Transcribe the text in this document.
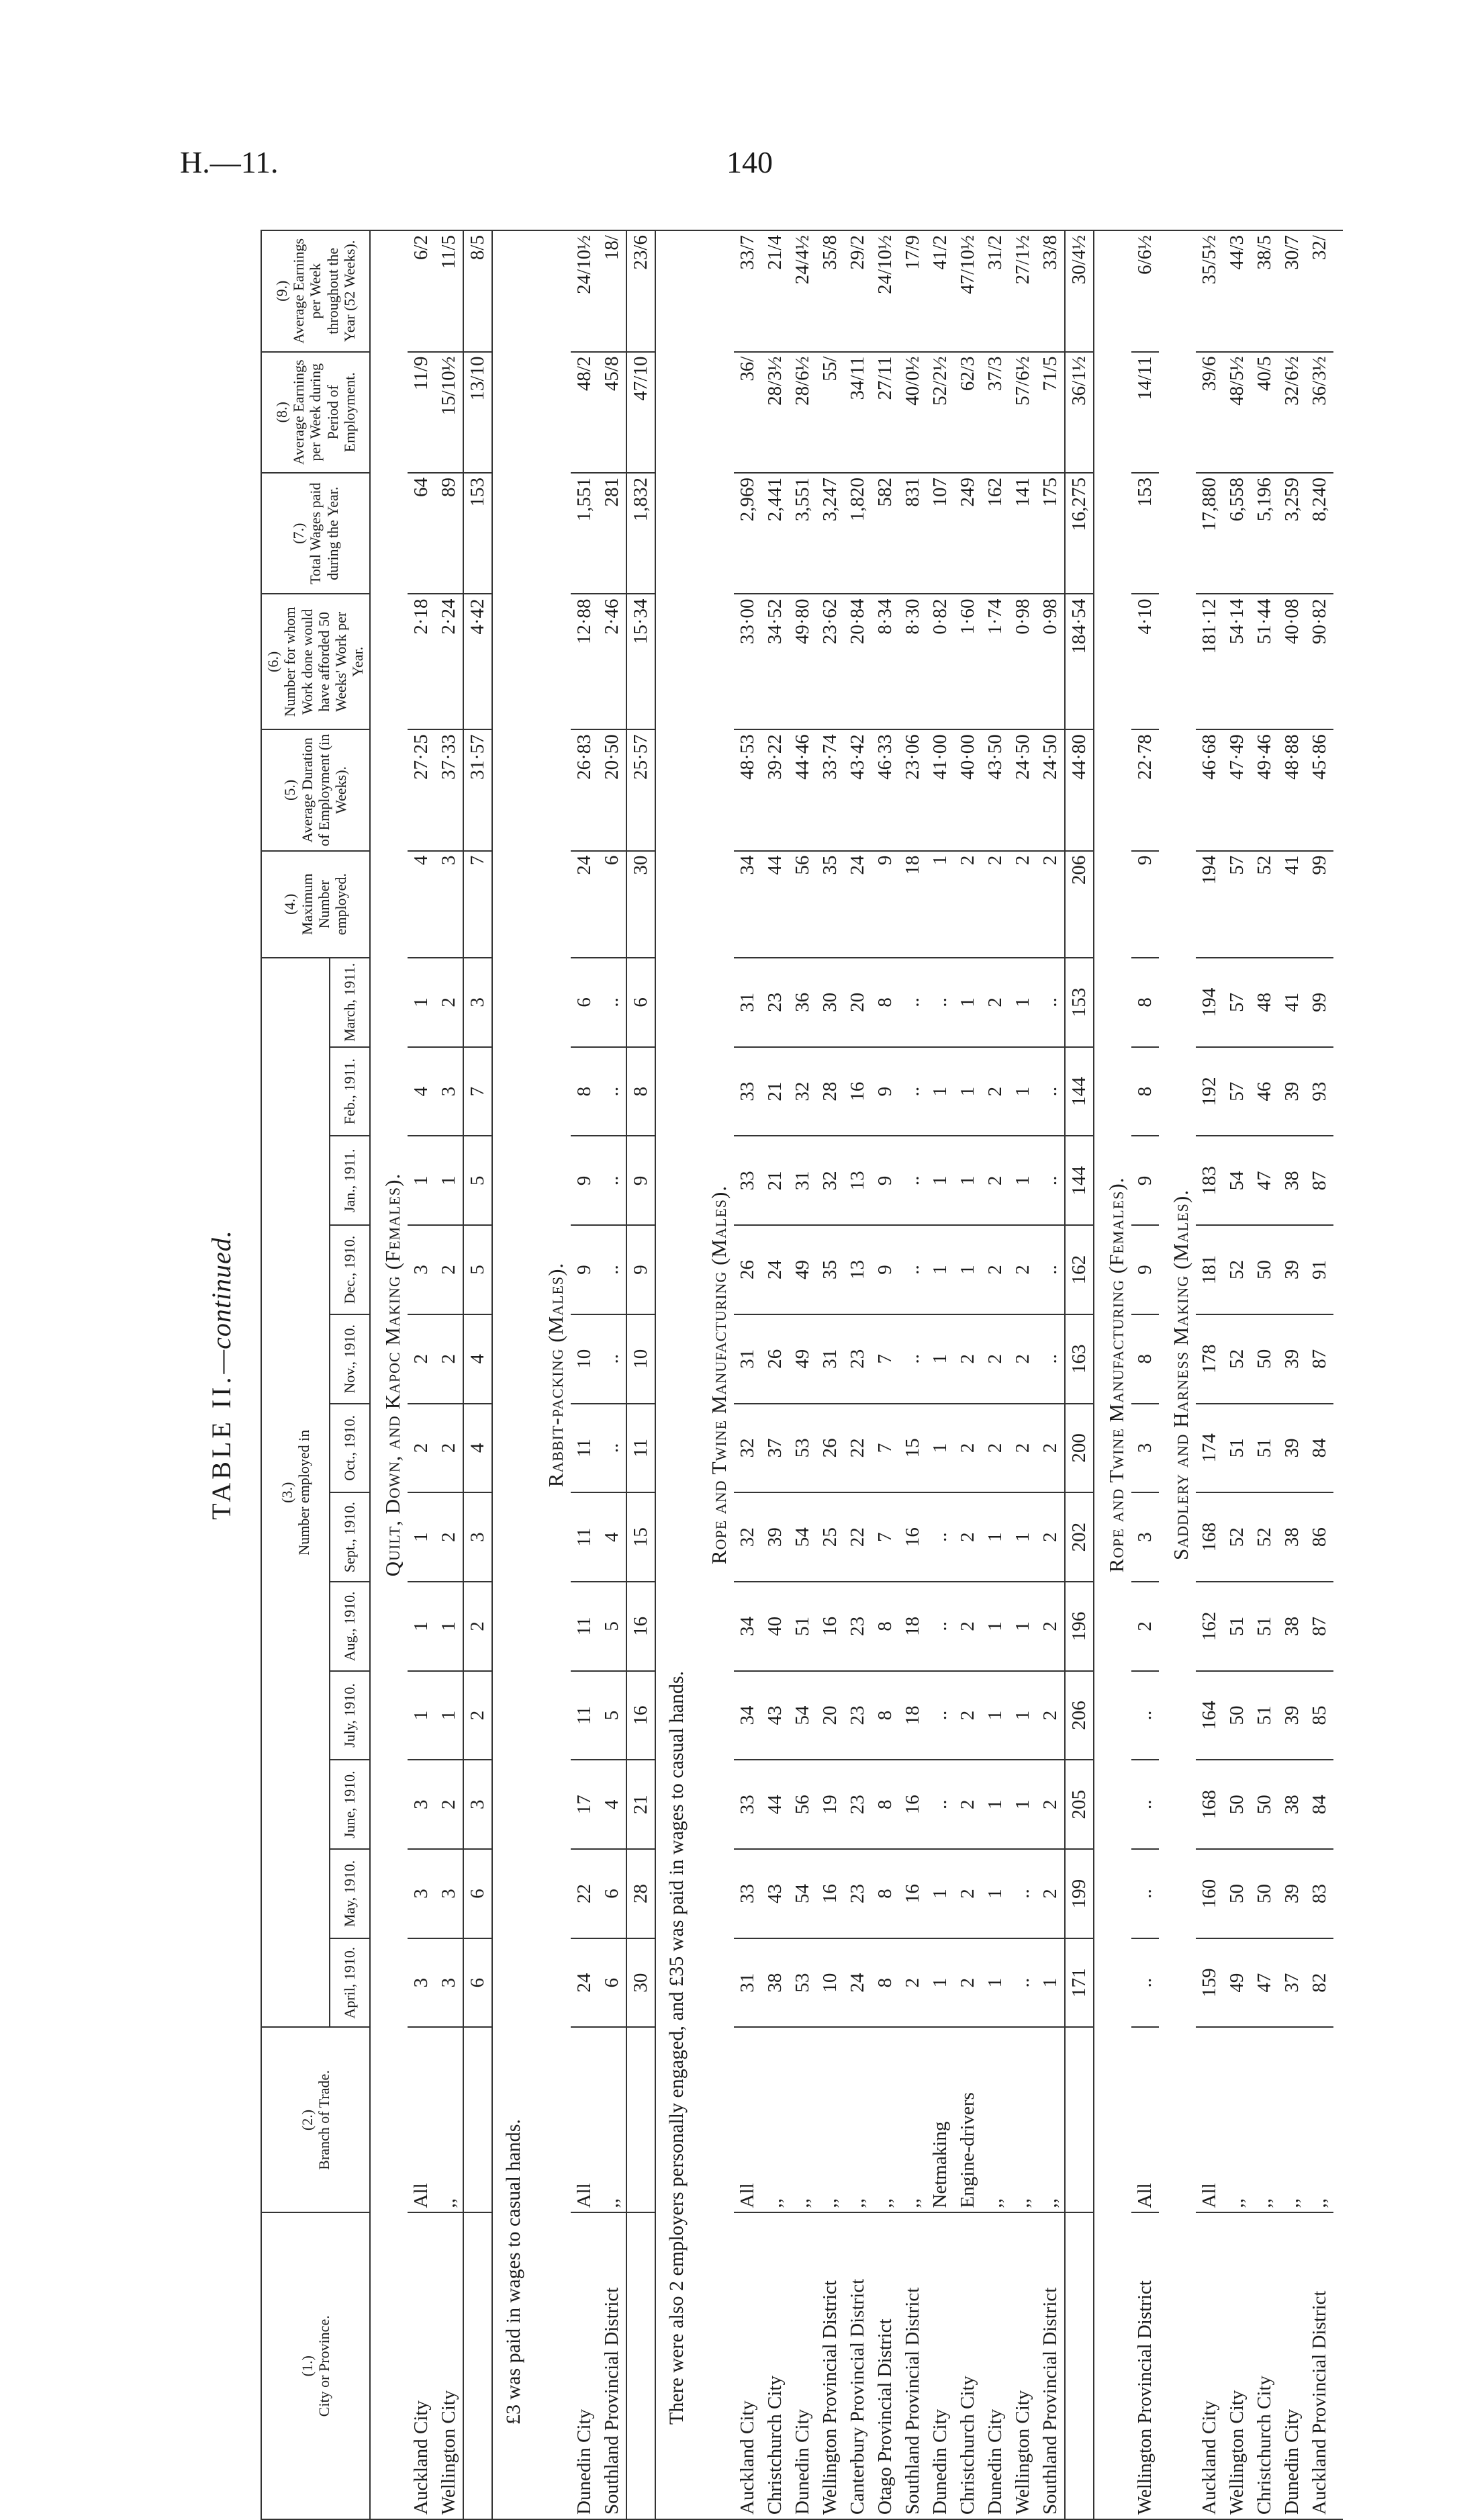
H.—11.	140
TABLE II.—continued.
(1.) City or Province.	(2.) Branch of Trade.	(3.) Number employed in												(4.) Maximum Number employed.	(5.) Average Duration of Employment (in Weeks).	(6.) Number for whom Work done would have afforded 50 Weeks' Work per Year.	(7.) Total Wages paid during the Year.	(8.) Average Earnings per Week during Period of Employment.	(9.) Average Earnings per Week throughout the Year (52 Weeks).

		April, 1910.	May, 1910.	June, 1910.	July, 1910.	Aug., 1910.	Sept., 1910.	Oct., 1910.	Nov., 1910.	Dec., 1910.	Jan., 1911.	Feb., 1911.	March, 1911.						

Quilt, Down, and Kapoc Making (Females).																			
Auckland City	All	3	3	3	1	1	1	2	2	3	1	4	1	4	27·25	2·18	64	11/9	6/2
Wellington City	,,	3	3	2	1	1	2	2	2	2	1	3	2	3	37·33	2·24	89	15/10½	11/5
		6	6	3	2	2	3	4	4	5	5	7	3	7	31·57	4·42	153	13/10	8/5
£3 was paid in wages to casual hands.																			
Rabbit-packing (Males).																			
Dunedin City	All	24	22	17	11	11	11	11	10	9	9	8	6	24	26·83	12·88	1,551	48/2	24/10½
Southland Provincial District	,,	6	6	4	5	5	4	..	..	..	..	..	..	6	20·50	2·46	281	45/8	18/
		30	28	21	16	16	15	11	10	9	9	8	6	30	25·57	15·34	1,832	47/10	23/6
There were also 2 employers personally engaged, and £35 was paid in wages to casual hands.																			
Rope and Twine Manufacturing (Males).																			
Auckland City	All	31	33	33	34	34	32	32	31	26	33	33	31	34	48·53	33·00	2,969	36/	33/7
Christchurch City	,,	38	43	44	43	40	39	37	26	24	21	21	23	44	39·22	34·52	2,441	28/3½	21/4
Dunedin City	,,	53	54	56	54	51	54	53	49	49	31	32	36	56	44·46	49·80	3,551	28/6½	24/4½
Wellington Provincial District	,,	10	16	19	20	16	25	26	31	35	32	28	30	35	33·74	23·62	3,247	55/	35/8
Canterbury Provincial District	,,	24	23	23	23	23	22	22	23	13	13	16	20	24	43·42	20·84	1,820	34/11	29/2
Otago Provincial District	,,	8	8	8	8	8	7	7	7	9	9	9	8	9	46·33	8·34	582	27/11	24/10½
Southland Provincial District	,,	2	16	16	18	18	16	15	..	..	..	..	..	18	23·06	8·30	831	40/0½	17/9
Dunedin City	Netmaking	1	1	..	..	..	..	1	1	1	1	1	..	1	41·00	0·82	107	52/2½	41/2
Christchurch City	Engine-drivers	2	2	2	2	2	2	2	2	1	1	1	1	2	40·00	1·60	249	62/3	47/10½
Dunedin City	,,	1	1	1	1	1	1	2	2	2	2	2	2	2	43·50	1·74	162	37/3	31/2
Wellington City	,,	..	..	1	1	1	1	2	2	2	1	1	1	2	24·50	0·98	141	57/6½	27/1½
Southland Provincial District	,,	1	2	2	2	2	2	2	..	..	..	..	..	2	24·50	0·98	175	71/5	33/8
		171	199	205	206	196	202	200	163	162	144	144	153	206	44·80	184·54	16,275	36/1½	30/4½
Rope and Twine Manufacturing (Females).																			
Wellington Provincial District	All	..	..	..	..	2	3	3	8	9	9	8	8	9	22·78	4·10	153	14/11	6/6½
Saddlery and Harness Making (Males).																			
Auckland City	All	159	160	168	164	162	168	174	178	181	183	192	194	194	46·68	181·12	17,880	39/6	35/5½
Wellington City	,,	49	50	50	50	51	52	51	52	52	54	57	57	57	47·49	54·14	6,558	48/5½	44/3
Christchurch City	,,	47	50	50	51	51	52	51	50	50	47	46	48	52	49·46	51·44	5,196	40/5	38/5
Dunedin City	,,	37	39	38	39	38	38	39	39	39	38	39	41	41	48·88	40·08	3,259	32/6½	30/7
Auckland Provincial District	,,	82	83	84	85	87	86	84	87	91	87	93	99	99	45·86	90·82	8,240	36/3½	32/
